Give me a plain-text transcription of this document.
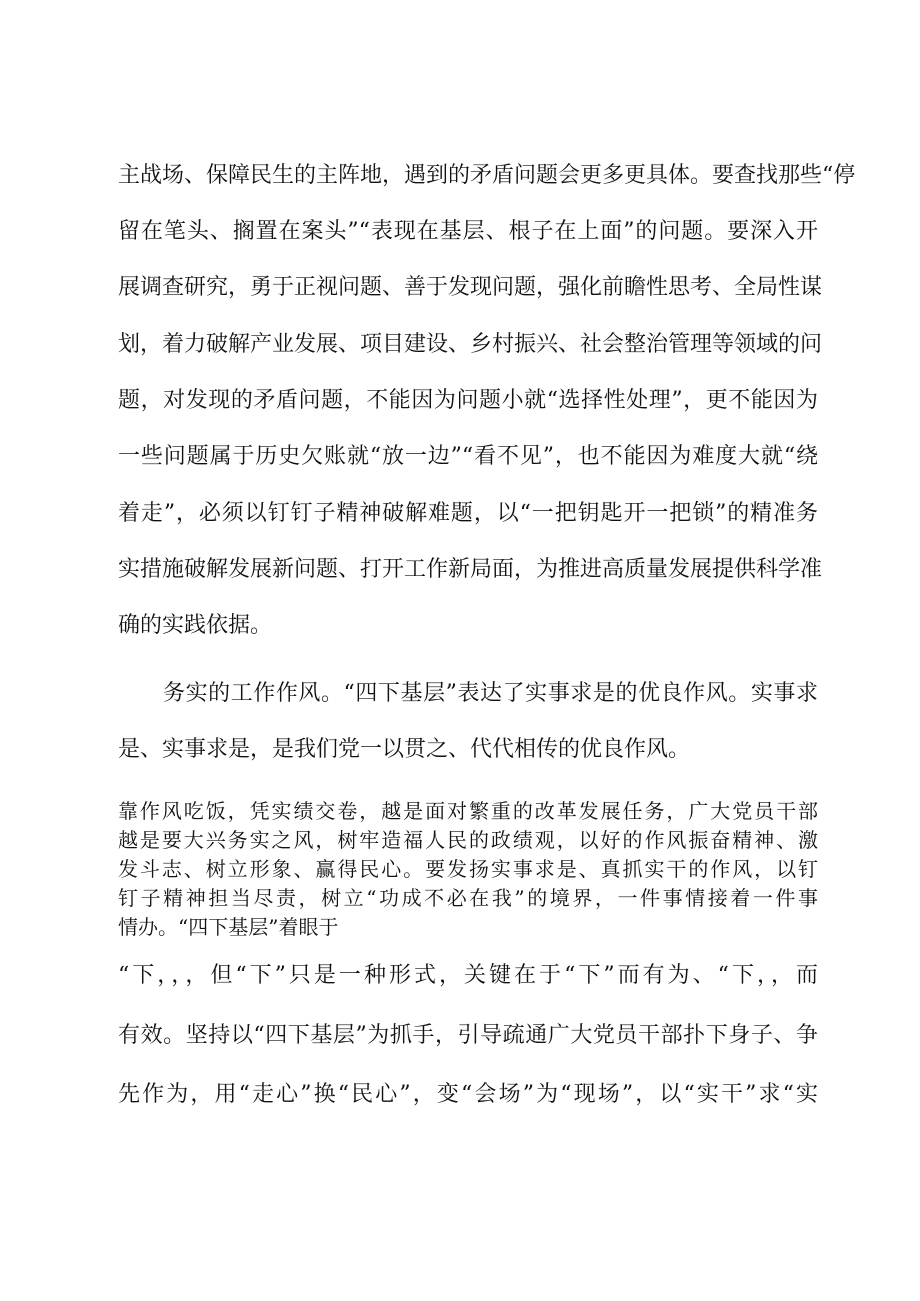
主战场、保障民生的主阵地，遇到的矛盾问题会更多更具体。要查找那些“停
留在笔头、搁置在案头”“表现在基层、根子在上面”的问题。要深入开
展调查研究，勇于正视问题、善于发现问题，强化前瞻性思考、全局性谋
划，着力破解产业发展、项目建设、乡村振兴、社会整治管理等领域的问
题，对发现的矛盾问题，不能因为问题小就“选择性处理”，更不能因为
一些问题属于历史欠账就“放一边”“看不见”，也不能因为难度大就“绕
着走”，必须以钉钉子精神破解难题，以“一把钥匙开一把锁”的精准务
实措施破解发展新问题、打开工作新局面，为推进高质量发展提供科学准
确的实践依据。
务实的工作作风。“四下基层”表达了实事求是的优良作风。实事求
是、实事求是，是我们党一以贯之、代代相传的优良作风。
靠作风吃饭，凭实绩交卷，越是面对繁重的改革发展任务，广大党员干部
越是要大兴务实之风，树牢造福人民的政绩观，以好的作风振奋精神、激
发斗志、树立形象、赢得民心。要发扬实事求是、真抓实干的作风，以钉
钉子精神担当尽责，树立“功成不必在我”的境界，一件事情接着一件事
情办。“四下基层”着眼于
“下，，，但“下”只是一种形式，关键在于“下”而有为、“下，，而
有效。坚持以“四下基层”为抓手，引导疏通广大党员干部扑下身子、争
先作为，用“走心”换“民心”，变“会场”为“现场”，以“实干”求“实
